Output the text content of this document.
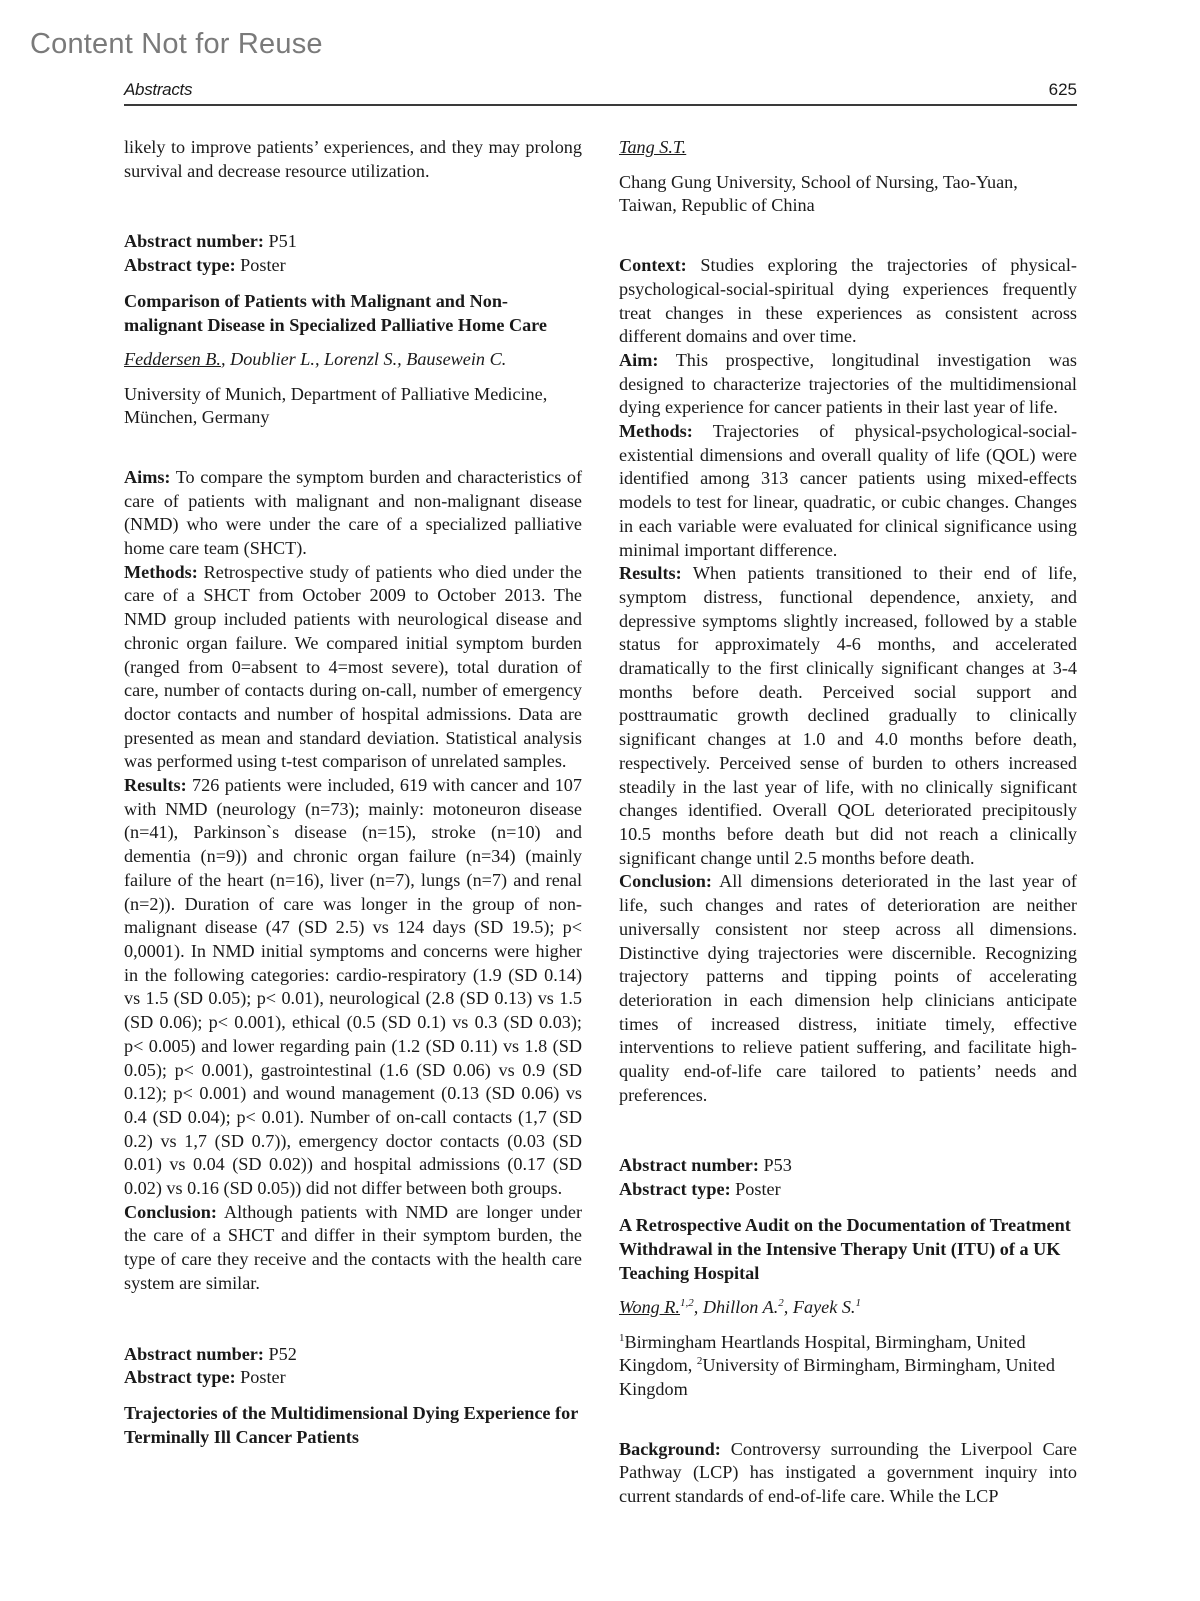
Content Not for Reuse
Abstracts	625

likely to improve patients’ experiences, and they may prolong survival and decrease resource utilization.

Abstract number: P51

Abstract type: Poster

Comparison of Patients with Malignant and Non-malignant Disease in Specialized Palliative Home Care

Feddersen B., Doublier L., Lorenzl S., Bausewein C.

University of Munich, Department of Palliative Medicine, München, Germany

Aims: To compare the symptom burden and characteristics of care of patients with malignant and non-malignant disease (NMD) who were under the care of a specialized palliative home care team (SHCT).

Methods: Retrospective study of patients who died under the care of a SHCT from October 2009 to October 2013. The NMD group included patients with neurological disease and chronic organ failure. We compared initial symptom burden (ranged from 0=absent to 4=most severe), total duration of care, number of contacts during on-call, number of emergency doctor contacts and number of hospital admissions. Data are presented as mean and standard deviation. Statistical analysis was performed using t-test comparison of unrelated samples.

Results: 726 patients were included, 619 with cancer and 107 with NMD (neurology (n=73); mainly: motoneuron disease (n=41), Parkinson`s disease (n=15), stroke (n=10) and dementia (n=9)) and chronic organ failure (n=34) (mainly failure of the heart (n=16), liver (n=7), lungs (n=7) and renal (n=2)). Duration of care was longer in the group of non-malignant disease (47 (SD 2.5) vs 124 days (SD 19.5); p< 0,0001). In NMD initial symptoms and concerns were higher in the following categories: cardio-respiratory (1.9 (SD 0.14) vs 1.5 (SD 0.05); p< 0.01), neurological (2.8 (SD 0.13) vs 1.5 (SD 0.06); p< 0.001), ethical (0.5 (SD 0.1) vs 0.3 (SD 0.03); p< 0.005) and lower regarding pain (1.2 (SD 0.11) vs 1.8 (SD 0.05); p< 0.001), gastrointestinal (1.6 (SD 0.06) vs 0.9 (SD 0.12); p< 0.001) and wound management (0.13 (SD 0.06) vs 0.4 (SD 0.04); p< 0.01). Number of on-call contacts (1,7 (SD 0.2) vs 1,7 (SD 0.7)), emergency doctor contacts (0.03 (SD 0.01) vs 0.04 (SD 0.02)) and hospital admissions (0.17 (SD 0.02) vs 0.16 (SD 0.05)) did not differ between both groups.

Conclusion: Although patients with NMD are longer under the care of a SHCT and differ in their symptom burden, the type of care they receive and the contacts with the health care system are similar.

Abstract number: P52

Abstract type: Poster

Trajectories of the Multidimensional Dying Experience for Terminally Ill Cancer Patients

Tang S.T.

Chang Gung University, School of Nursing, Tao-Yuan, Taiwan, Republic of China

Context: Studies exploring the trajectories of physical-psychological-social-spiritual dying experiences frequently treat changes in these experiences as consistent across different domains and over time.

Aim: This prospective, longitudinal investigation was designed to characterize trajectories of the multidimensional dying experience for cancer patients in their last year of life.

Methods: Trajectories of physical-psychological-social-existential dimensions and overall quality of life (QOL) were identified among 313 cancer patients using mixed-effects models to test for linear, quadratic, or cubic changes. Changes in each variable were evaluated for clinical significance using minimal important difference.

Results: When patients transitioned to their end of life, symptom distress, functional dependence, anxiety, and depressive symptoms slightly increased, followed by a stable status for approximately 4-6 months, and accelerated dramatically to the first clinically significant changes at 3-4 months before death. Perceived social support and posttraumatic growth declined gradually to clinically significant changes at 1.0 and 4.0 months before death, respectively. Perceived sense of burden to others increased steadily in the last year of life, with no clinically significant changes identified. Overall QOL deteriorated precipitously 10.5 months before death but did not reach a clinically significant change until 2.5 months before death.

Conclusion: All dimensions deteriorated in the last year of life, such changes and rates of deterioration are neither universally consistent nor steep across all dimensions. Distinctive dying trajectories were discernible. Recognizing trajectory patterns and tipping points of accelerating deterioration in each dimension help clinicians anticipate times of increased distress, initiate timely, effective interventions to relieve patient suffering, and facilitate high-quality end-of-life care tailored to patients’ needs and preferences.

Abstract number: P53

Abstract type: Poster

A Retrospective Audit on the Documentation of Treatment Withdrawal in the Intensive Therapy Unit (ITU) of a UK Teaching Hospital

Wong R.$^{1,2}$, Dhillon A.$^2$, Fayek S.$^1$

$^1$Birmingham Heartlands Hospital, Birmingham, United Kingdom, $^2$University of Birmingham, Birmingham, United Kingdom

Background: Controversy surrounding the Liverpool Care Pathway (LCP) has instigated a government inquiry into current standards of end-of-life care. While the LCP
